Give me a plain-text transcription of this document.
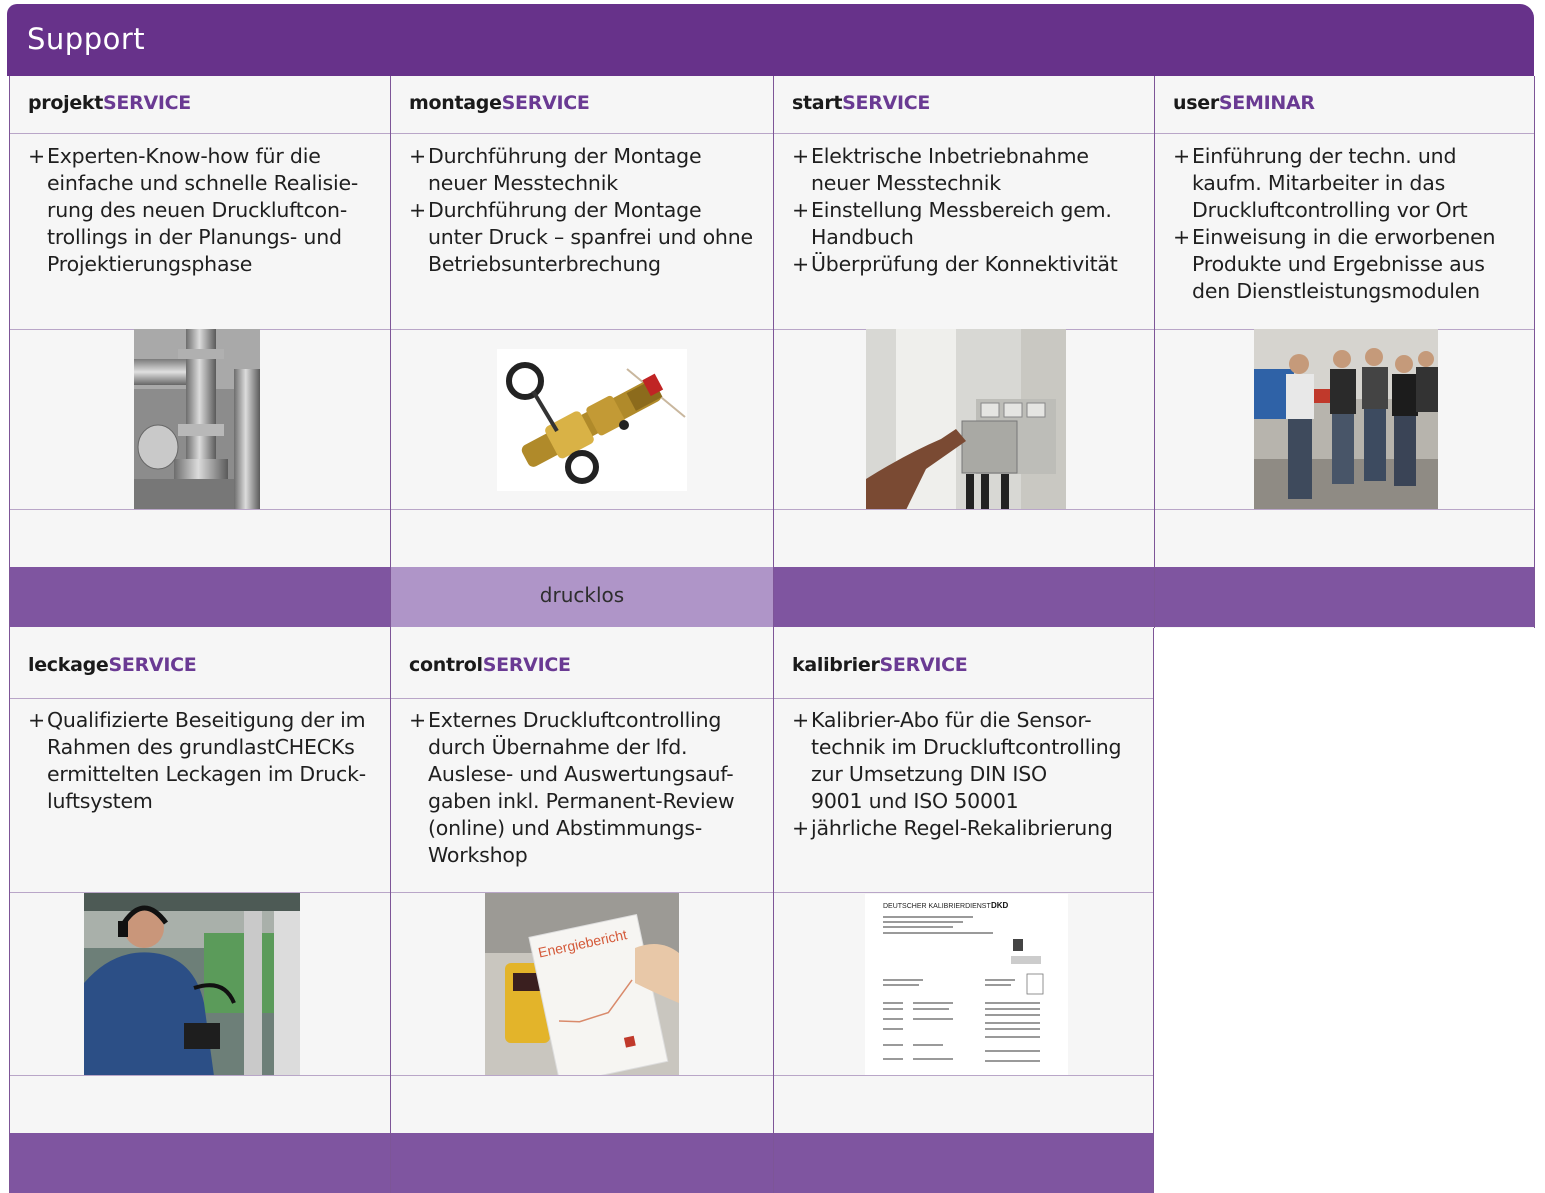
Support
projektSERVICE
+ Experten-Know-how für die
einfache und schnelle Realisie-
rung des neuen Druckluftcon-
trollings in der Planungs- und
Projektierungsphase
montageSERVICE
+ Durchführung der Montage
neuer Messtechnik
+ Durchführung der Montage
unter Druck – spanfrei und ohne
Betriebsunterbrechung
drucklos
startSERVICE
+ Elektrische Inbetriebnahme
neuer Messtechnik
+ Einstellung Messbereich gem.
Handbuch
+ Überprüfung der Konnektivität
userSEMINAR
+ Einführung der techn. und
kaufm. Mitarbeiter in das
Druckluftcontrolling vor Ort
+ Einweisung in die erworbenen
Produkte und Ergebnisse aus
den Dienstleistungsmodulen
leckageSERVICE
+ Qualifizierte Beseitigung der im
Rahmen des grundlastCHECKs
ermittelten Leckagen im Druck-
luftsystem
controlSERVICE
+ Externes Druckluftcontrolling
durch Übernahme der lfd.
Auslese- und Auswertungsauf-
gaben inkl. Permanent-Review
(online) und Abstimmungs-
Workshop
Energiebericht
kalibrierSERVICE
+ Kalibrier-Abo für die Sensor-
technik im Druckluftcontrolling
zur Umsetzung DIN ISO
9001 und ISO 50001
+ jährliche Regel-Rekalibrierung
DEUTSCHER KALIBRIERDIENST DKD
